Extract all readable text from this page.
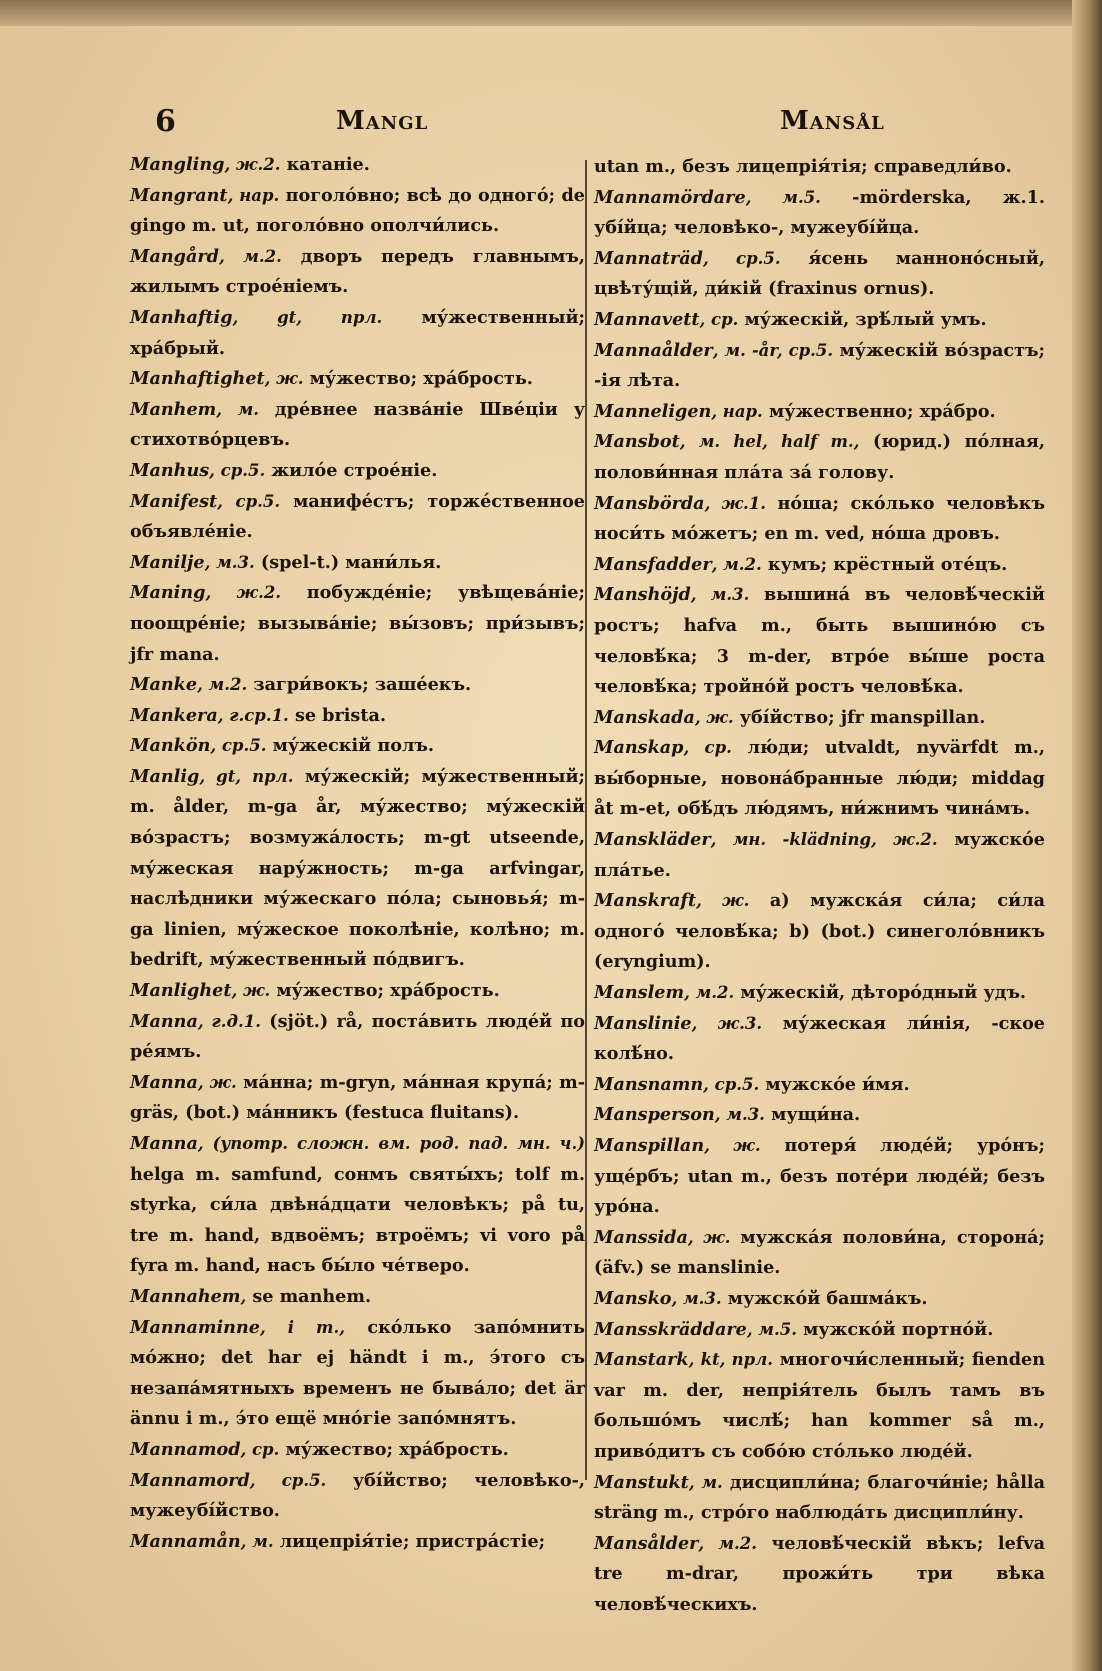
6	Mangl	Mansål
Mangling, ж.2. катаніе.
Mangrant, нар. поголо́вно; всѣ до одного́; de gingo m. ut, поголо́вно ополчи́лись.
Mangård, м.2. дворъ передъ главнымъ, жилымъ строе́ніемъ.
Manhaftig, gt, прл. му́жественный; хра́брый.
Manhaftighet, ж. му́жество; хра́брость.
Manhem, м. дре́внее назва́ніе Шве́ціи у стихотво́рцевъ.
Manhus, ср.5. жило́е строе́ніе.
Manifest, ср.5. манифе́стъ; торже́ственное объявле́ніе.
Manilje, м.3. (spel-t.) мани́лья.
Maning, ж.2. побужде́ніе; увѣщева́ніе; поощре́ніе; вызыва́ніе; вы́зовъ; при́зывъ; jfr mana.
Manke, м.2. загри́вокъ; заше́екъ.
Mankera, г.ср.1. se brista.
Mankön, ср.5. му́жескій полъ.
Manlig, gt, прл. му́жескій; му́жественный; m. ålder, m-ga år, му́жество; му́жескій во́зрастъ; возмужа́лость; m-gt utseende, му́жеская нару́жность; m-ga arfvingar, наслѣдники му́жескаго по́ла; сыновья́; m-ga linien, му́жеское поколѣніе, колѣно; m. bedrift, му́жественный по́двигъ.
Manlighet, ж. му́жество; хра́брость.
Manna, г.д.1. (sjöt.) rå, поста́вить люде́й по ре́ямъ.
Manna, ж. ма́нна; m-gryn, ма́нная крупа́; m-gräs, (bot.) ма́нникъ (festuca fluitans).
Manna, (употр. сложн. вм. род. пад. мн. ч.) helga m. samfund, сонмъ святы́хъ; tolf m. styrka, си́ла двѣна́дцати человѣкъ; på tu, tre m. hand, вдвоёмъ; втроёмъ; vi voro på fyra m. hand, насъ бы́ло че́тверо.
Mannahem, se manhem.
Mannaminne, i m., ско́лько запо́мнить мо́жно; det har ej händt i m., э́того съ незапа́мятныхъ временъ не быва́ло; det är ännu i m., э́то ещё мно́гіе запо́мнятъ.
Mannamod, ср. му́жество; хра́брость.
Mannamord, ср.5. убі́йство; человѣко-, мужеубі́йство.
Mannamån, м. лицепрія́тіе; пристра́стіе;
utan m., безъ лицепрія́тія; справедли́во.
Mannamördare, м.5. -mörderska, ж.1. убі́йца; человѣко-, мужеубі́йца.
Mannaträd, ср.5. я́сень манноно́сный, цвѣту́щій, ди́кій (fraxinus ornus).
Mannavett, ср. му́жескій, зрѣ́лый умъ.
Mannaålder, м. -år, ср.5. му́жескій во́зрастъ; -ія лѣта.
Manneligen, нар. му́жественно; хра́бро.
Mansbot, м. hel, half m., (юрид.) по́лная, полови́нная пла́та за́ голову.
Mansbörda, ж.1. но́ша; ско́лько человѣкъ носи́ть мо́жетъ; en m. ved, но́ша дровъ.
Mansfadder, м.2. кумъ; крёстный оте́цъ.
Manshöjd, м.3. вышина́ въ человѣ́ческій ростъ; hafva m., быть вышино́ю съ человѣ́ка; 3 m-der, втро́е вы́ше роста человѣ́ка; тройно́й ростъ человѣ́ка.
Manskada, ж. убі́йство; jfr manspillan.
Manskap, ср. лю́ди; utvaldt, nyvärfdt m., вы́борные, новона́бранные лю́ди; middag åt m-et, обѣ́дъ лю́дямъ, ни́жнимъ чина́мъ.
Manskläder, мн. -klädning, ж.2. мужско́е пла́тье.
Manskraft, ж. a) мужска́я си́ла; си́ла одного́ человѣ́ка; b) (bot.) синеголо́вникъ (eryngium).
Manslem, м.2. му́жескій, дѣторо́дный удъ.
Manslinie, ж.3. му́жеская ли́нія, -ское колѣ́но.
Mansnamn, ср.5. мужско́е и́мя.
Mansperson, м.3. мущи́на.
Manspillan, ж. потеря́ люде́й; уро́нъ; уще́рбъ; utan m., безъ поте́ри люде́й; безъ уро́на.
Manssida, ж. мужска́я полови́на, сторона́; (äfv.) se manslinie.
Mansko, м.3. мужско́й башма́къ.
Mansskräddare, м.5. мужско́й портно́й.
Manstark, kt, прл. многочи́сленный; fienden var m. der, непрія́тель былъ тамъ въ большо́мъ числѣ́; han kommer så m., приво́дитъ съ собо́ю сто́лько люде́й.
Manstukt, м. дисципли́на; благочи́ніе; hålla sträng m., стро́го наблюда́ть дисципли́ну.
Mansålder, м.2. человѣ́ческій вѣкъ; lefva tre m-drar, прожи́ть три вѣка человѣ́ческихъ.
